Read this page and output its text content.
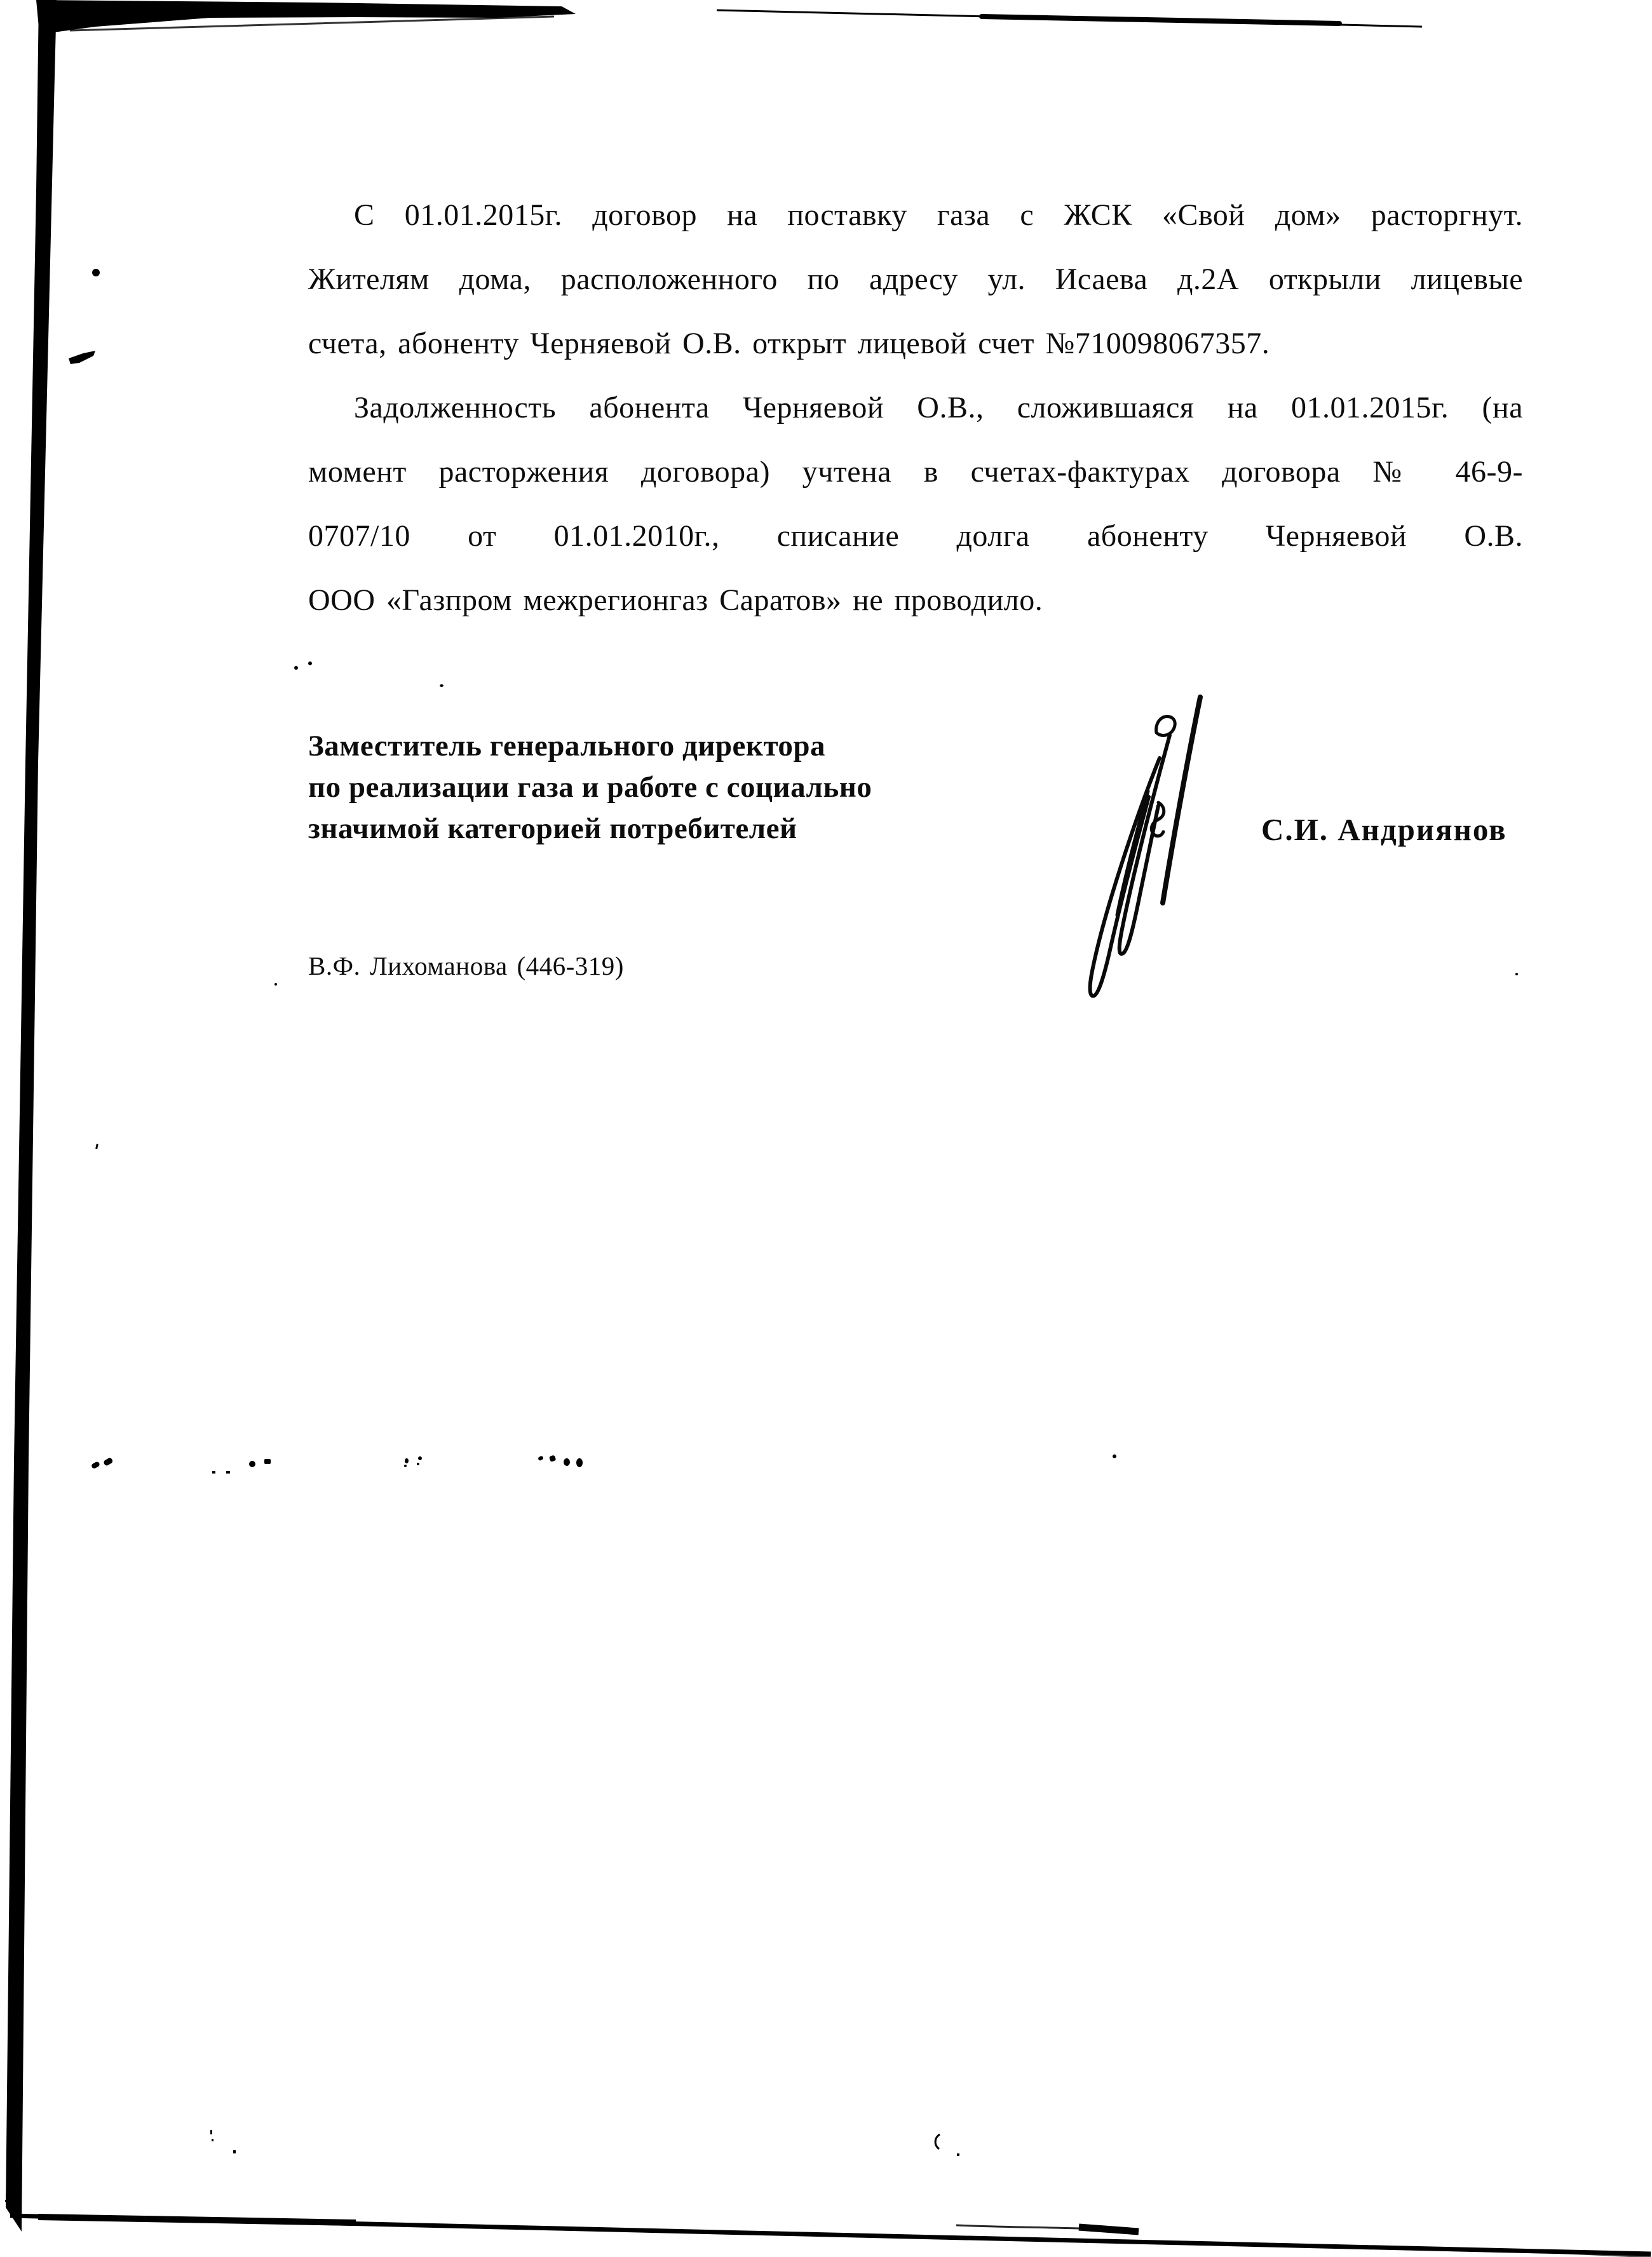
С 01.01.2015г. договор на поставку газа с ЖСК «Свой дом» расторгнут.
Жителям дома, расположенного по адресу ул. Исаева д.2А открыли лицевые
счета, абоненту Черняевой О.В. открыт лицевой счет №710098067357.
Задолженность абонента Черняевой О.В., сложившаяся на 01.01.2015г. (на
момент расторжения договора) учтена в счетах-фактурах договора № 46-9-
0707/10 от 01.01.2010г., списание долга абоненту Черняевой О.В.
ООО «Газпром межрегионгаз Саратов» не проводило.
Заместитель генерального директора
по реализации газа и работе с социально
значимой категорией потребителей	С.И. Андриянов
В.Ф. Лихоманова (446-319)
